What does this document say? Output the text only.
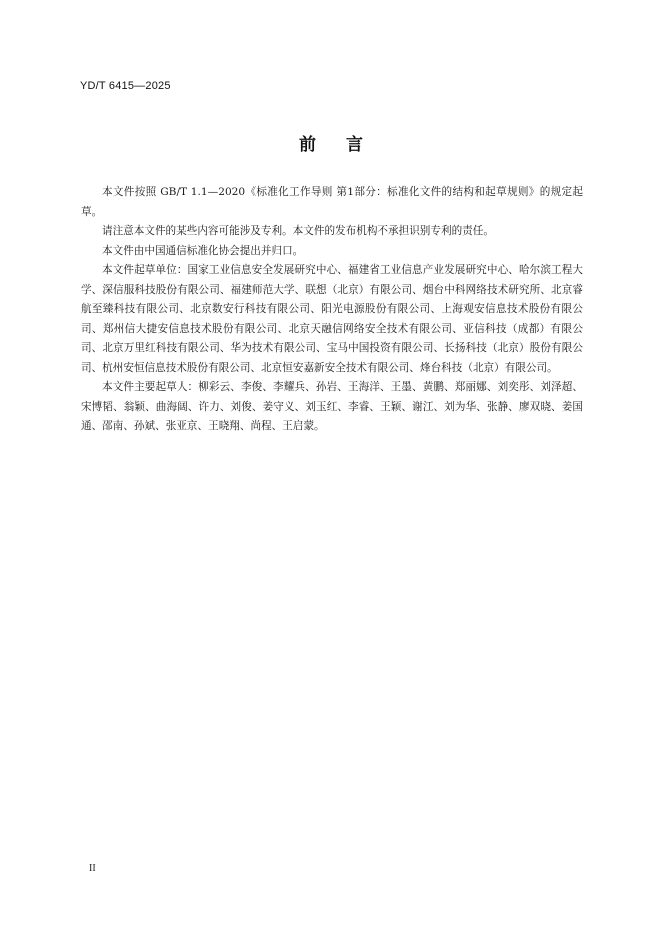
YD/T 6415—2025
前言

本文件按照 GB/T 1.1—2020《标准化工作导则 第1部分：标准化文件的结构和起草规则》的规定起草。

请注意本文件的某些内容可能涉及专利。本文件的发布机构不承担识别专利的责任。

本文件由中国通信标准化协会提出并归口。

本文件起草单位：国家工业信息安全发展研究中心、福建省工业信息产业发展研究中心、哈尔滨工程大学、深信服科技股份有限公司、福建师范大学、联想（北京）有限公司、烟台中科网络技术研究所、北京睿航至臻科技有限公司、北京数安行科技有限公司、阳光电源股份有限公司、上海观安信息技术股份有限公司、郑州信大捷安信息技术股份有限公司、北京天融信网络安全技术有限公司、亚信科技（成都）有限公司、北京万里红科技有限公司、华为技术有限公司、宝马中国投资有限公司、长扬科技（北京）股份有限公司、杭州安恒信息技术股份有限公司、北京恒安嘉新安全技术有限公司、烽台科技（北京）有限公司。

本文件主要起草人：柳彩云、李俊、李耀兵、孙岩、王海洋、王墨、黄鹏、郑丽娜、刘奕彤、刘泽超、宋博韬、翁颖、曲海阔、许力、刘俊、姜守义、刘玉红、李睿、王颖、谢江、刘为华、张静、廖双晓、姜国通、邵南、孙斌、张亚京、王晓翔、尚程、王启蒙。

II
